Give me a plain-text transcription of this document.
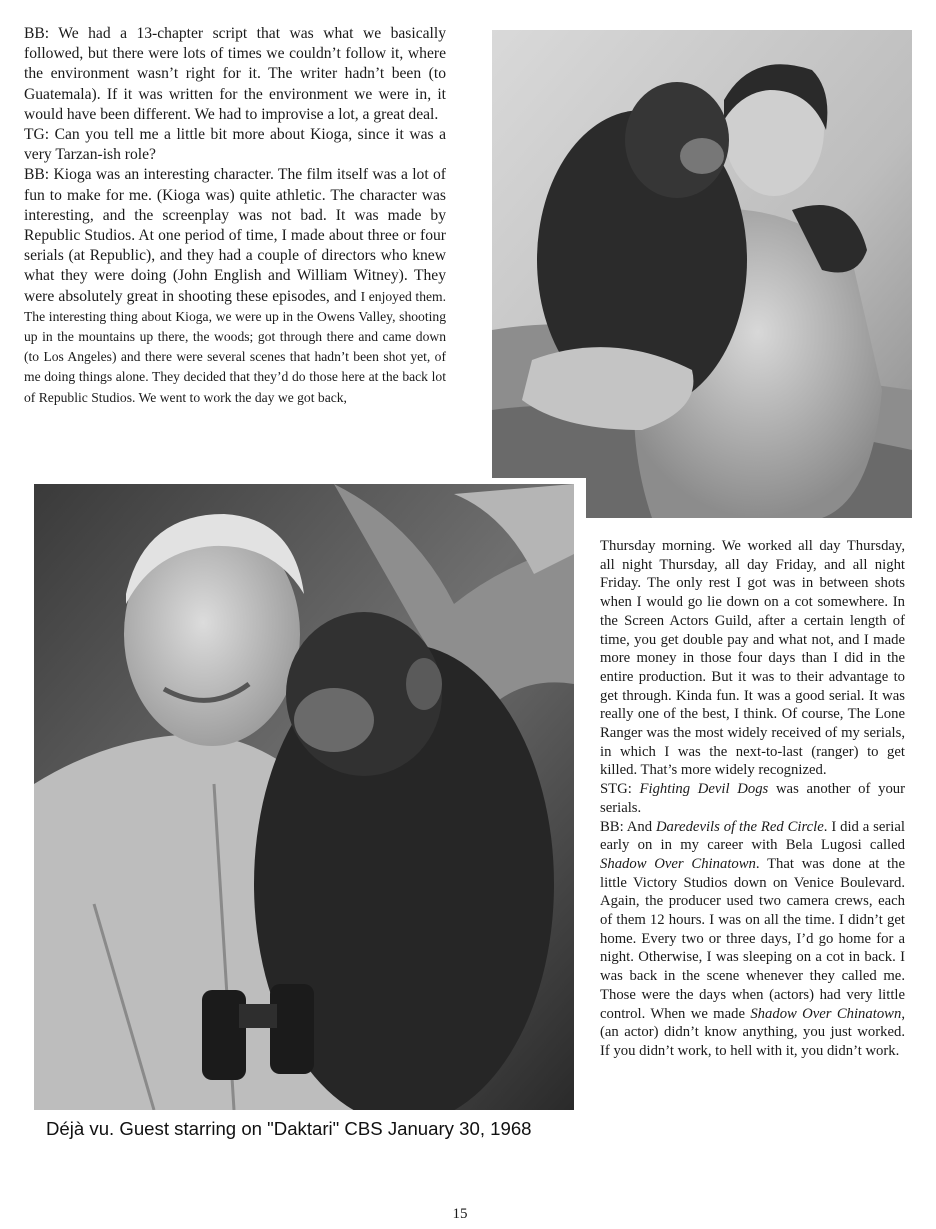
BB: We had a 13-chapter script that was what we basically followed, but there were lots of times we couldn’t follow it, where the environment wasn’t right for it. The writer hadn’t been (to Guatemala). If it was written for the environment we were in, it would have been different. We had to improvise a lot, a great deal.

TG: Can you tell me a little bit more about Kioga, since it was a very Tarzan-ish role?

BB: Kioga was an interesting character. The film itself was a lot of fun to make for me. (Kioga was) quite athletic. The character was interesting, and the screenplay was not bad. It was made by Republic Studios. At one period of time, I made about three or four serials (at Republic), and they had a couple of directors who knew what they were doing (John English and William Witney). They were absolutely great in shooting these episodes, and I enjoyed them. The interesting thing about Kioga, we were up in the Owens Valley, shooting up in the mountains up there, the woods; got through there and came down (to Los Angeles) and there were several scenes that hadn’t been shot yet, of me doing things alone. They decided that they’d do those here at the back lot of Republic Studios. We went to work the day we got back,

Déjà vu. Guest starring on "Daktari" CBS January 30, 1968

Thursday morning. We worked all day Thursday, all night Thursday, all day Friday, and all night Friday. The only rest I got was in between shots when I would go lie down on a cot somewhere. In the Screen Actors Guild, after a certain length of time, you get double pay and what not, and I made more money in those four days than I did in the entire production. But it was to their advantage to get through. Kinda fun. It was a good serial. It was really one of the best, I think. Of course, The Lone Ranger was the most widely received of my serials, in which I was the next-to-last (ranger) to get killed. That’s more widely recognized.

STG: Fighting Devil Dogs was another of your serials.

BB: And Daredevils of the Red Circle. I did a serial early on in my career with Bela Lugosi called Shadow Over Chinatown. That was done at the little Victory Studios down on Venice Boulevard. Again, the producer used two camera crews, each of them 12 hours. I was on all the time. I didn’t get home. Every two or three days, I’d go home for a night. Otherwise, I was sleeping on a cot in back. I was back in the scene whenever they called me. Those were the days when (actors) had very little control. When we made Shadow Over Chinatown, (an actor) didn’t know anything, you just worked. If you didn’t work, to hell with it, you didn’t work.

15
